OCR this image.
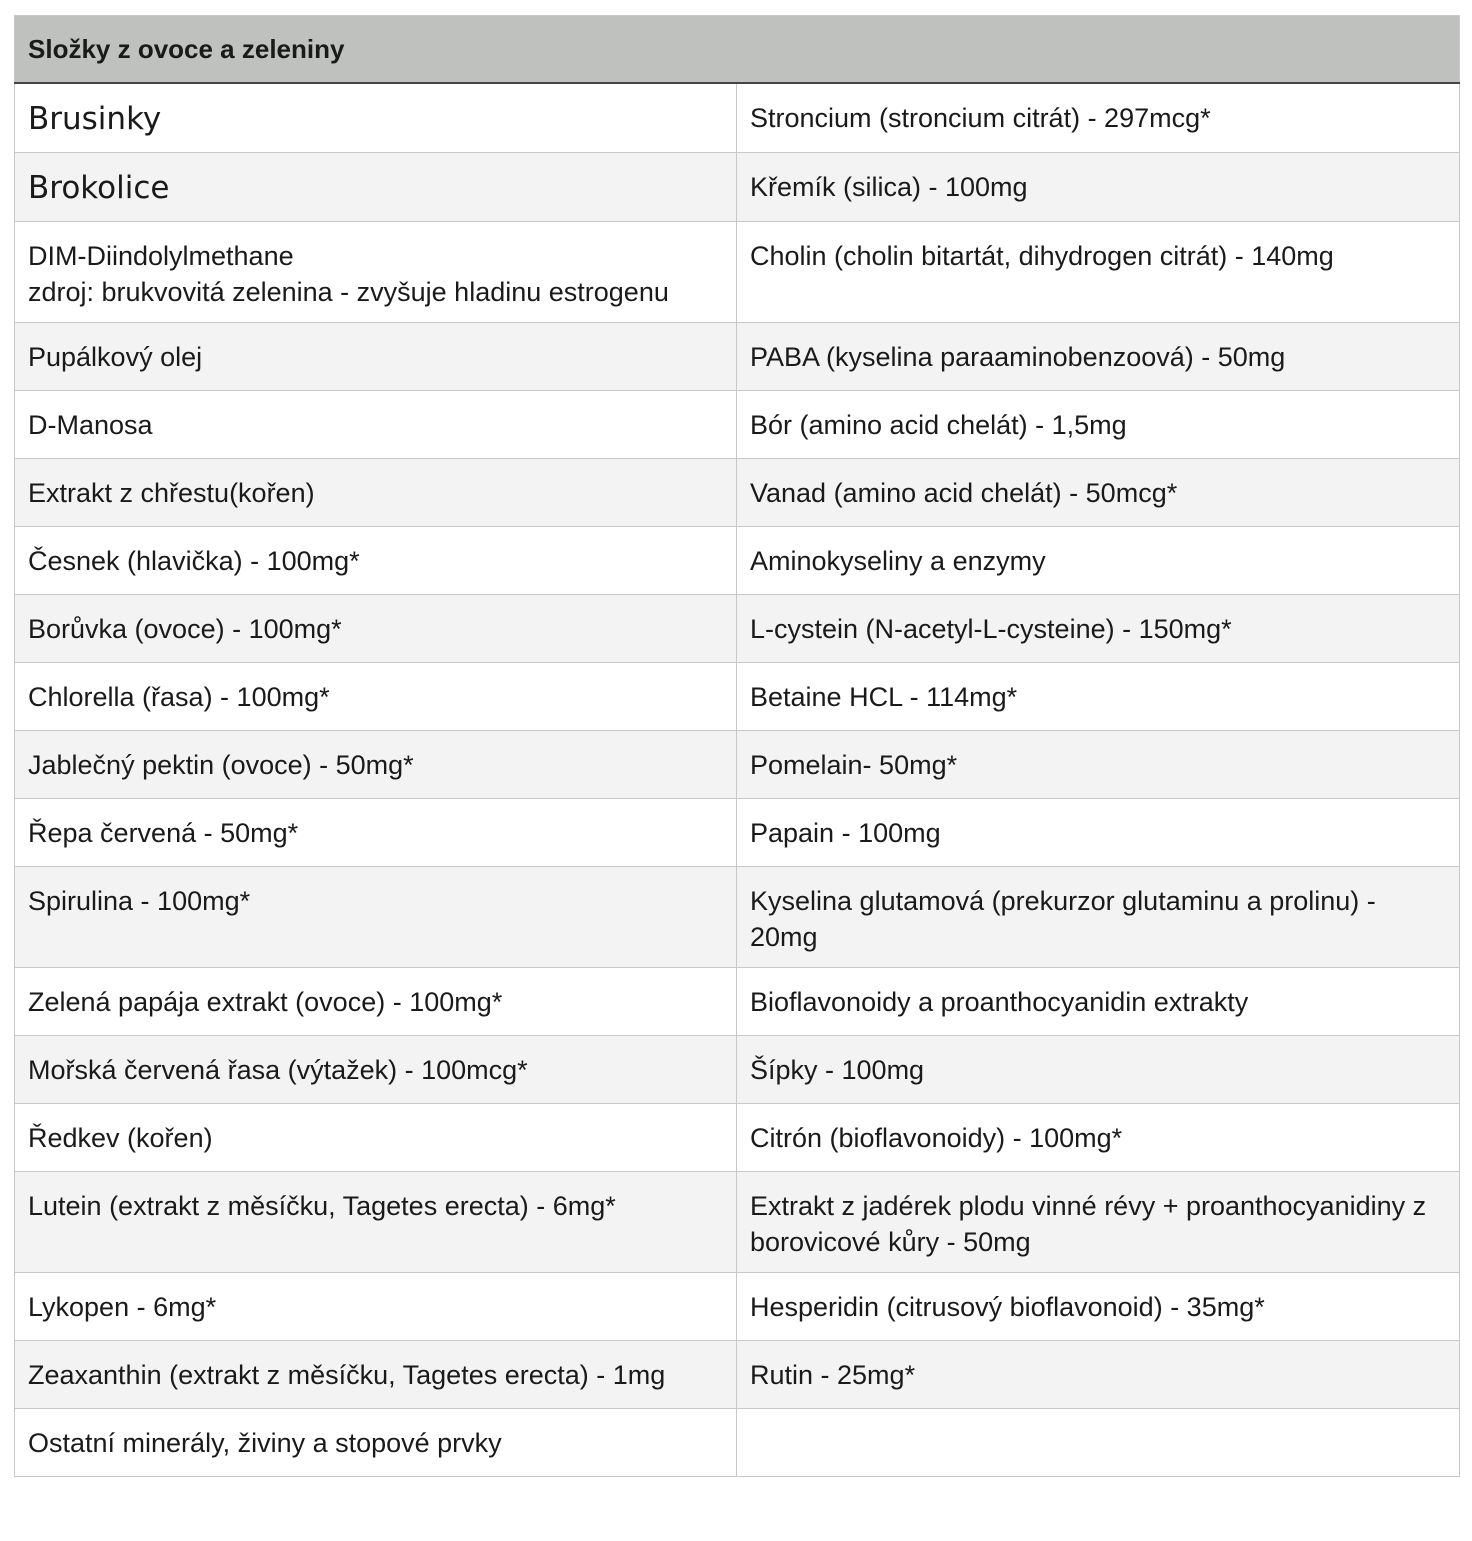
Složky z ovoce a zeleniny	
Brusinky	Stroncium (stroncium citrát) - 297mcg*
Brokolice	Křemík (silica) - 100mg
DIM-Diindolylmethane
zdroj: brukvovitá zelenina - zvyšuje hladinu estrogenu	Cholin (cholin bitartát, dihydrogen citrát) - 140mg
Pupálkový olej	PABA (kyselina paraaminobenzoová) - 50mg
D-Manosa	Bór (amino acid chelát) - 1,5mg
Extrakt z chřestu(kořen)	Vanad (amino acid chelát) - 50mcg*
Česnek (hlavička) - 100mg*	Aminokyseliny a enzymy
Borůvka (ovoce) - 100mg*	L-cystein (N-acetyl-L-cysteine) - 150mg*
Chlorella (řasa) - 100mg*	Betaine HCL - 114mg*
Jablečný pektin (ovoce) - 50mg*	Pomelain- 50mg*
Řepa červená - 50mg*	Papain - 100mg
Spirulina - 100mg*	Kyselina glutamová (prekurzor glutaminu a prolinu) - 20mg
Zelená papája extrakt (ovoce) - 100mg*	Bioflavonoidy a proanthocyanidin extrakty
Mořská červená řasa (výtažek) - 100mcg*	Šípky - 100mg
Ředkev (kořen)	Citrón (bioflavonoidy) - 100mg*
Lutein (extrakt z měsíčku, Tagetes erecta) - 6mg*	Extrakt z jadérek plodu vinné révy + proanthocyanidiny z borovicové kůry - 50mg
Lykopen - 6mg*	Hesperidin (citrusový bioflavonoid) - 35mg*
Zeaxanthin (extrakt z měsíčku, Tagetes erecta) - 1mg	Rutin - 25mg*
Ostatní minerály, živiny a stopové prvky	
